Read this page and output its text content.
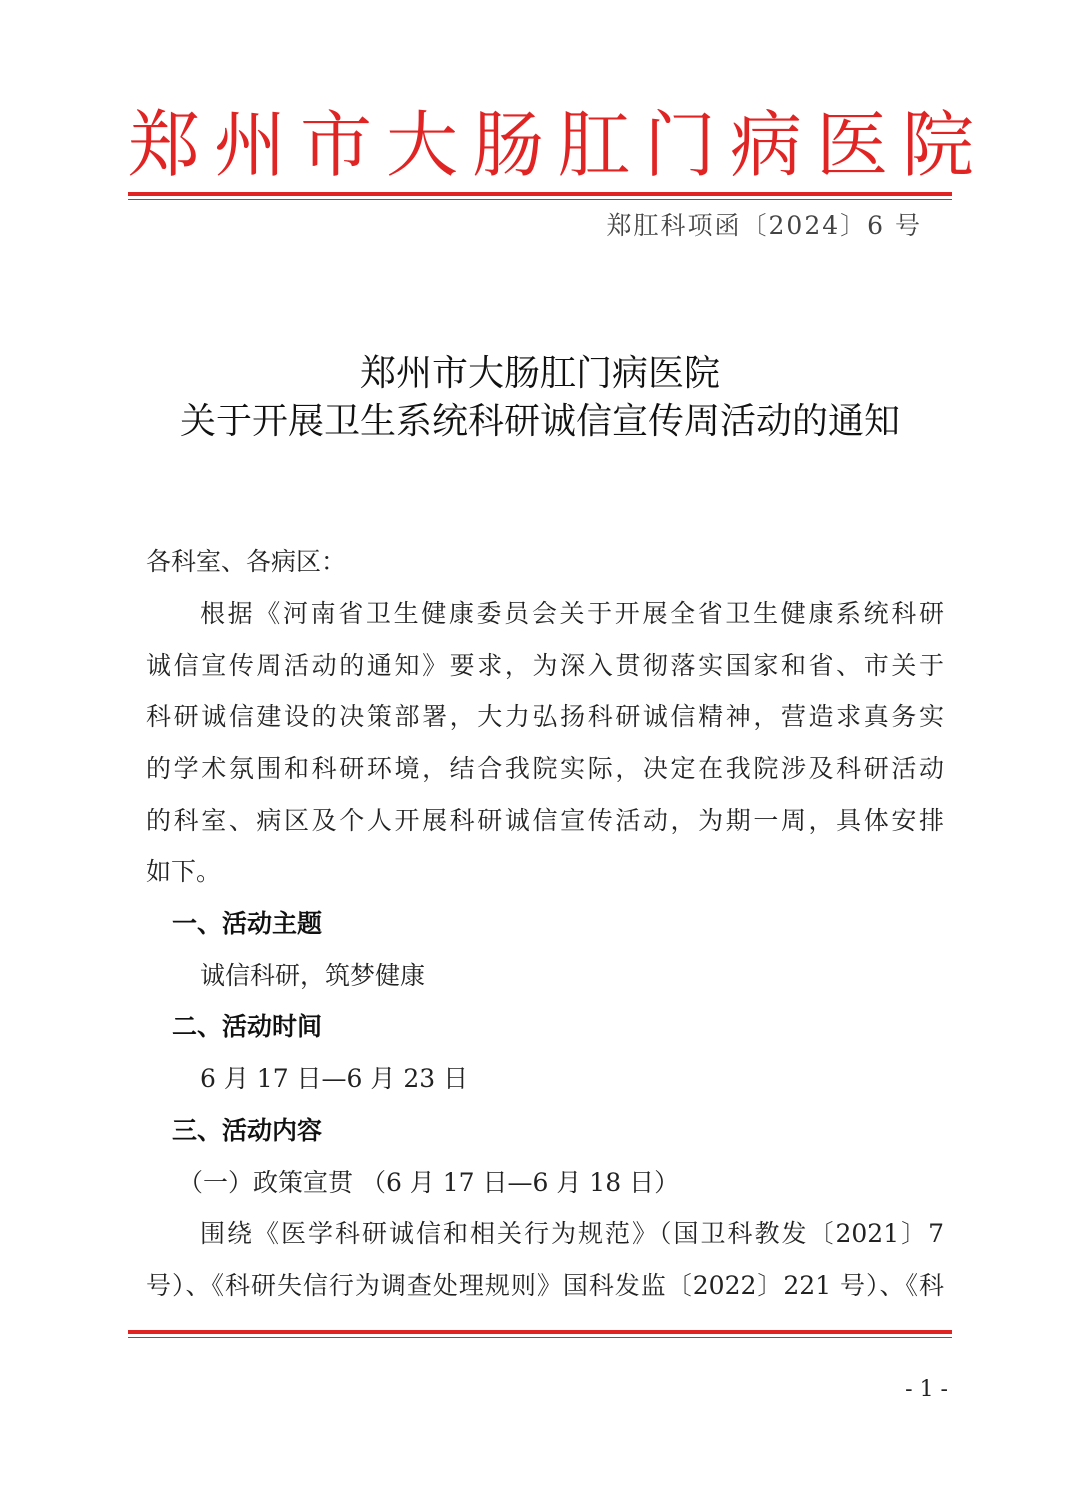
郑州市大肠肛门病医院
郑肛科项函〔2024〕6 号
郑州市大肠肛门病医院
关于开展卫生系统科研诚信宣传周活动的通知
各科室、各病区：
根据《河南省卫生健康委员会关于开展全省卫生健康系统科研
诚信宣传周活动的通知》要求，为深入贯彻落实国家和省、市关于
科研诚信建设的决策部署，大力弘扬科研诚信精神，营造求真务实
的学术氛围和科研环境，结合我院实际，决定在我院涉及科研活动
的科室、病区及个人开展科研诚信宣传活动，为期一周，具体安排
如下。
一、活动主题
诚信科研，筑梦健康
二、活动时间
6 月 17 日—6 月 23 日
三、活动内容
（一）政策宣贯 （6 月 17 日—6 月 18 日）
围绕《医学科研诚信和相关行为规范》（国卫科教发〔2021〕7
号）、《科研失信行为调查处理规则》国科发监〔2022〕221 号）、《科
- 1 -
